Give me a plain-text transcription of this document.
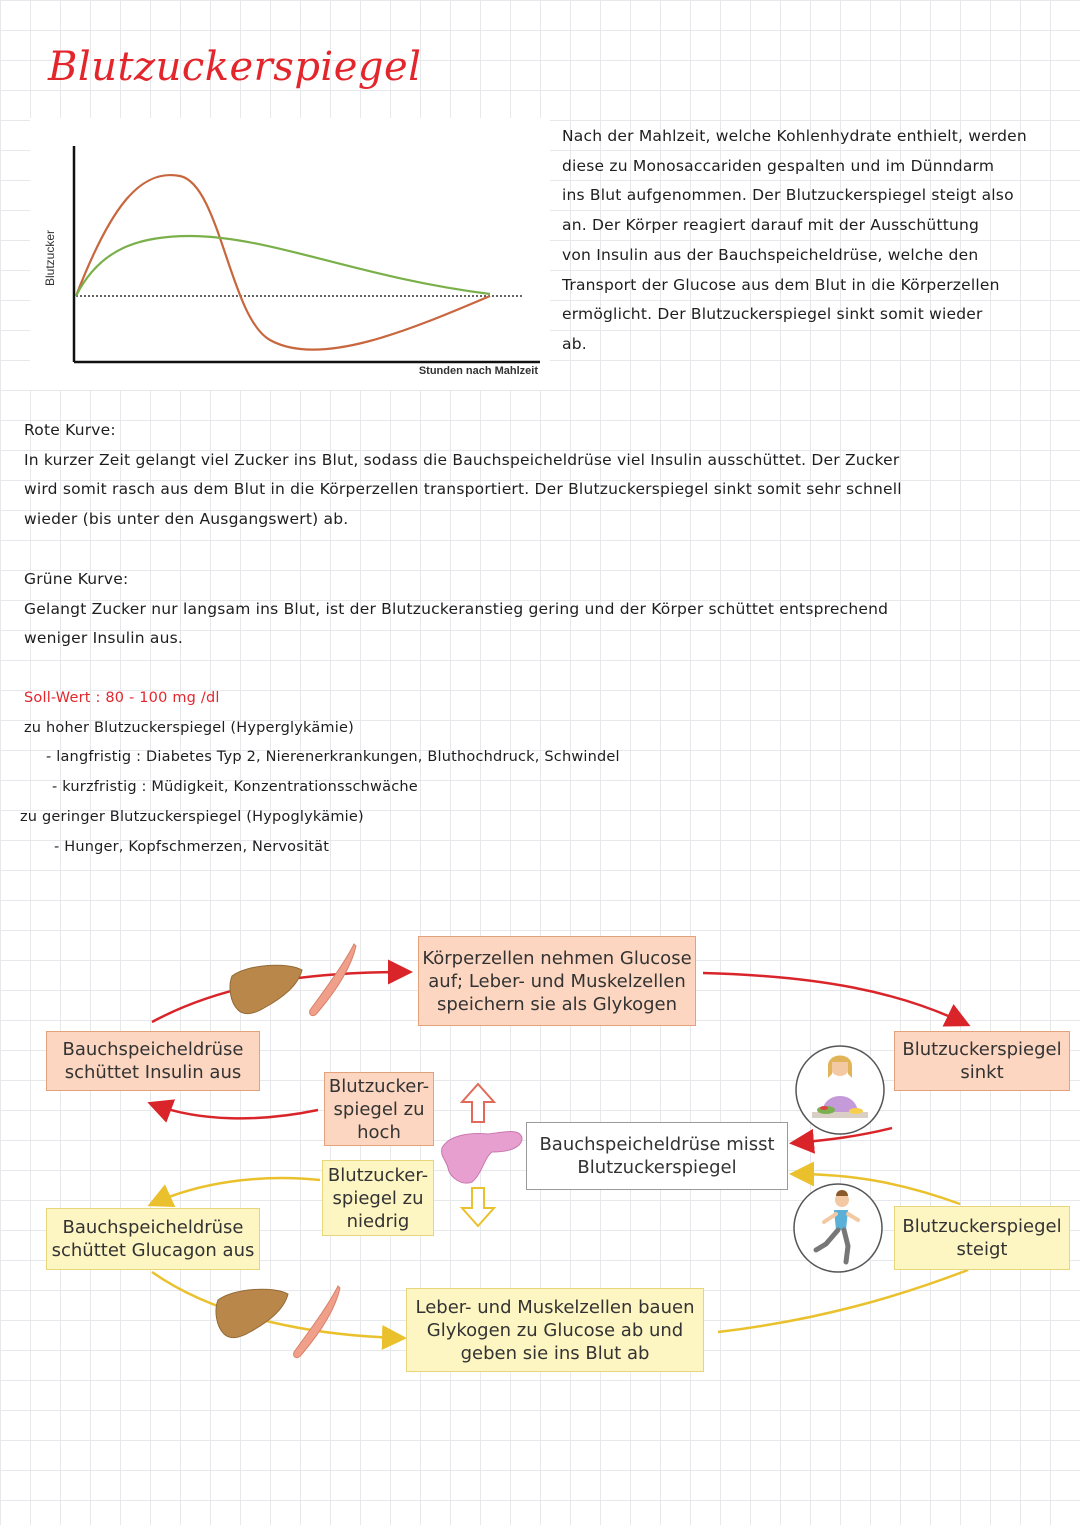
Blutzuckerspiegel
Blutzucker
Stunden nach Mahlzeit
Nach der Mahlzeit, welche Kohlenhydrate enthielt, werden
diese zu Monosaccariden gespalten und im Dünndarm
ins Blut aufgenommen. Der Blutzuckerspiegel steigt also
an. Der Körper reagiert darauf mit der Ausschüttung
von Insulin aus der Bauchspeicheldrüse, welche den
Transport der Glucose aus dem Blut in die Körperzellen
ermöglicht. Der Blutzuckerspiegel sinkt somit wieder
ab.
Rote Kurve:
In kurzer Zeit gelangt viel Zucker ins Blut, sodass die Bauchspeicheldrüse viel Insulin ausschüttet. Der Zucker
wird somit rasch aus dem Blut in die Körperzellen transportiert. Der Blutzuckerspiegel sinkt somit sehr schnell
wieder (bis unter den Ausgangswert) ab.
Grüne Kurve:
Gelangt Zucker nur langsam ins Blut, ist der Blutzuckeranstieg gering und der Körper schüttet entsprechend
weniger Insulin aus.
Soll-Wert : 80 - 100 mg /dl
zu hoher Blutzuckerspiegel (Hyperglykämie)
- langfristig : Diabetes Typ 2, Nierenerkrankungen, Bluthochdruck, Schwindel
- kurzfristig : Müdigkeit, Konzentrationsschwäche
zu geringer Blutzuckerspiegel (Hypoglykämie)
- Hunger, Kopfschmerzen, Nervosität
Körperzellen nehmen Glucose auf; Leber- und Muskelzellen speichern sie als Glykogen
Bauchspeicheldrüse schüttet Insulin aus
Blutzuckerspiegel sinkt
Blutzucker-spiegel zu hoch
Blutzucker-spiegel zu niedrig
Bauchspeicheldrüse misst Blutzuckerspiegel
Bauchspeicheldrüse schüttet Glucagon aus
Blutzuckerspiegel steigt
Leber- und Muskelzellen bauen Glykogen zu Glucose ab und geben sie ins Blut ab
